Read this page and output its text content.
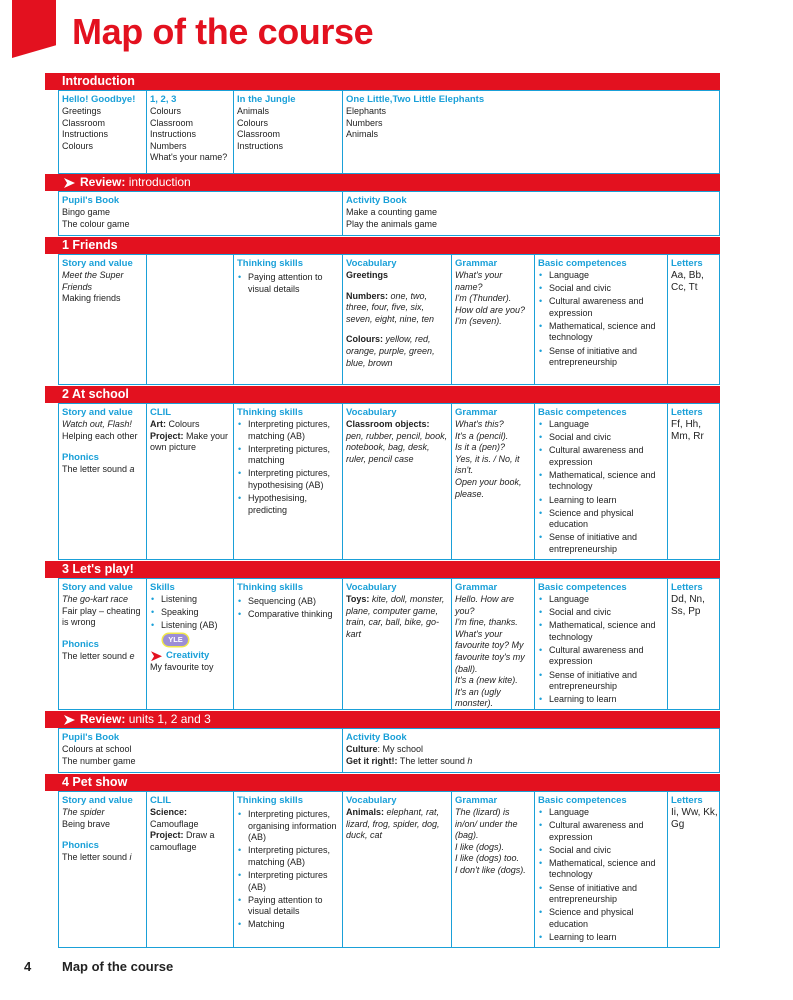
Map of the course
Introduction
Hello! Goodbye!
Greetings
Classroom
Instructions
Colours
1, 2, 3
Colours
Classroom
Instructions
Numbers
What's your name?
In the Jungle
Animals
Colours
Classroom
Instructions
One Little,Two Little Elephants
Elephants
Numbers
Animals
Review: introduction
Pupil's Book
Bingo game
The colour game
Activity Book
Make a counting game
Play the animals game
1 Friends
Story and value
Meet the Super Friends
Making friends
Thinking skills
• Paying attention to visual details
Vocabulary
Greetings
Numbers: one, two, three, four, five, six, seven, eight, nine, ten
Colours: yellow, red, orange, purple, green, blue, brown
Grammar
What's your name?
I'm (Thunder).
How old are you?
I'm (seven).
Basic competences
• Language
• Social and civic
• Cultural awareness and expression
• Mathematical, science and technology
• Sense of initiative and entrepreneurship
Letters
Aa, Bb, Cc, Tt
2 At school
Story and value
Watch out, Flash!
Helping each other
Phonics
The letter sound a
CLIL
Art: Colours
Project: Make your own picture
Thinking skills
• Interpreting pictures, matching (AB)
• Interpreting pictures, matching
• Interpreting pictures, hypothesising (AB)
• Hypothesising, predicting
Vocabulary
Classroom objects:
pen, rubber, pencil, book, notebook, bag, desk, ruler, pencil case
Grammar
What's this?
It's a (pencil).
Is it a (pen)?
Yes, it is. / No, it isn't.
Open your book, please.
Basic competences
• Language
• Social and civic
• Cultural awareness and expression
• Mathematical, science and technology
• Learning to learn
• Science and physical education
• Sense of initiative and entrepreneurship
Letters
Ff, Hh, Mm, Rr
3 Let's play!
Story and value
The go-kart race
Fair play – cheating is wrong
Phonics
The letter sound e
Skills
• Listening
• Speaking
• Listening (AB)
YLE
Creativity
My favourite toy
Thinking skills
• Sequencing (AB)
• Comparative thinking
Vocabulary
Toys: kite, doll, monster, plane, computer game, train, car, ball, bike, go-kart
Grammar
Hello. How are you?
I'm fine, thanks.
What's your favourite toy? My favourite toy's my (ball).
It's a (new kite).
It's an (ugly monster).
Basic competences
• Language
• Social and civic
• Mathematical, science and technology
• Cultural awareness and expression
• Sense of initiative and entrepreneurship
• Learning to learn
Letters
Dd, Nn, Ss, Pp
Review: units 1, 2 and 3
Pupil's Book
Colours at school
The number game
Activity Book
Culture: My school
Get it right!: The letter sound h
4 Pet show
Story and value
The spider
Being brave
Phonics
The letter sound i
CLIL
Science:
Camouflage
Project: Draw a camouflage
Thinking skills
• Interpreting pictures, organising information (AB)
• Interpreting pictures, matching (AB)
• Interpreting pictures (AB)
• Paying attention to visual details
• Matching
Vocabulary
Animals: elephant, rat, lizard, frog, spider, dog, duck, cat
Grammar
The (lizard) is in/on/ under the (bag).
I like (dogs).
I like (dogs) too.
I don't like (dogs).
Basic competences
• Language
• Cultural awareness and expression
• Social and civic
• Mathematical, science and technology
• Sense of initiative and entrepreneurship
• Science and physical education
• Learning to learn
Letters
Ii, Ww, Kk, Gg
4 Map of the course
